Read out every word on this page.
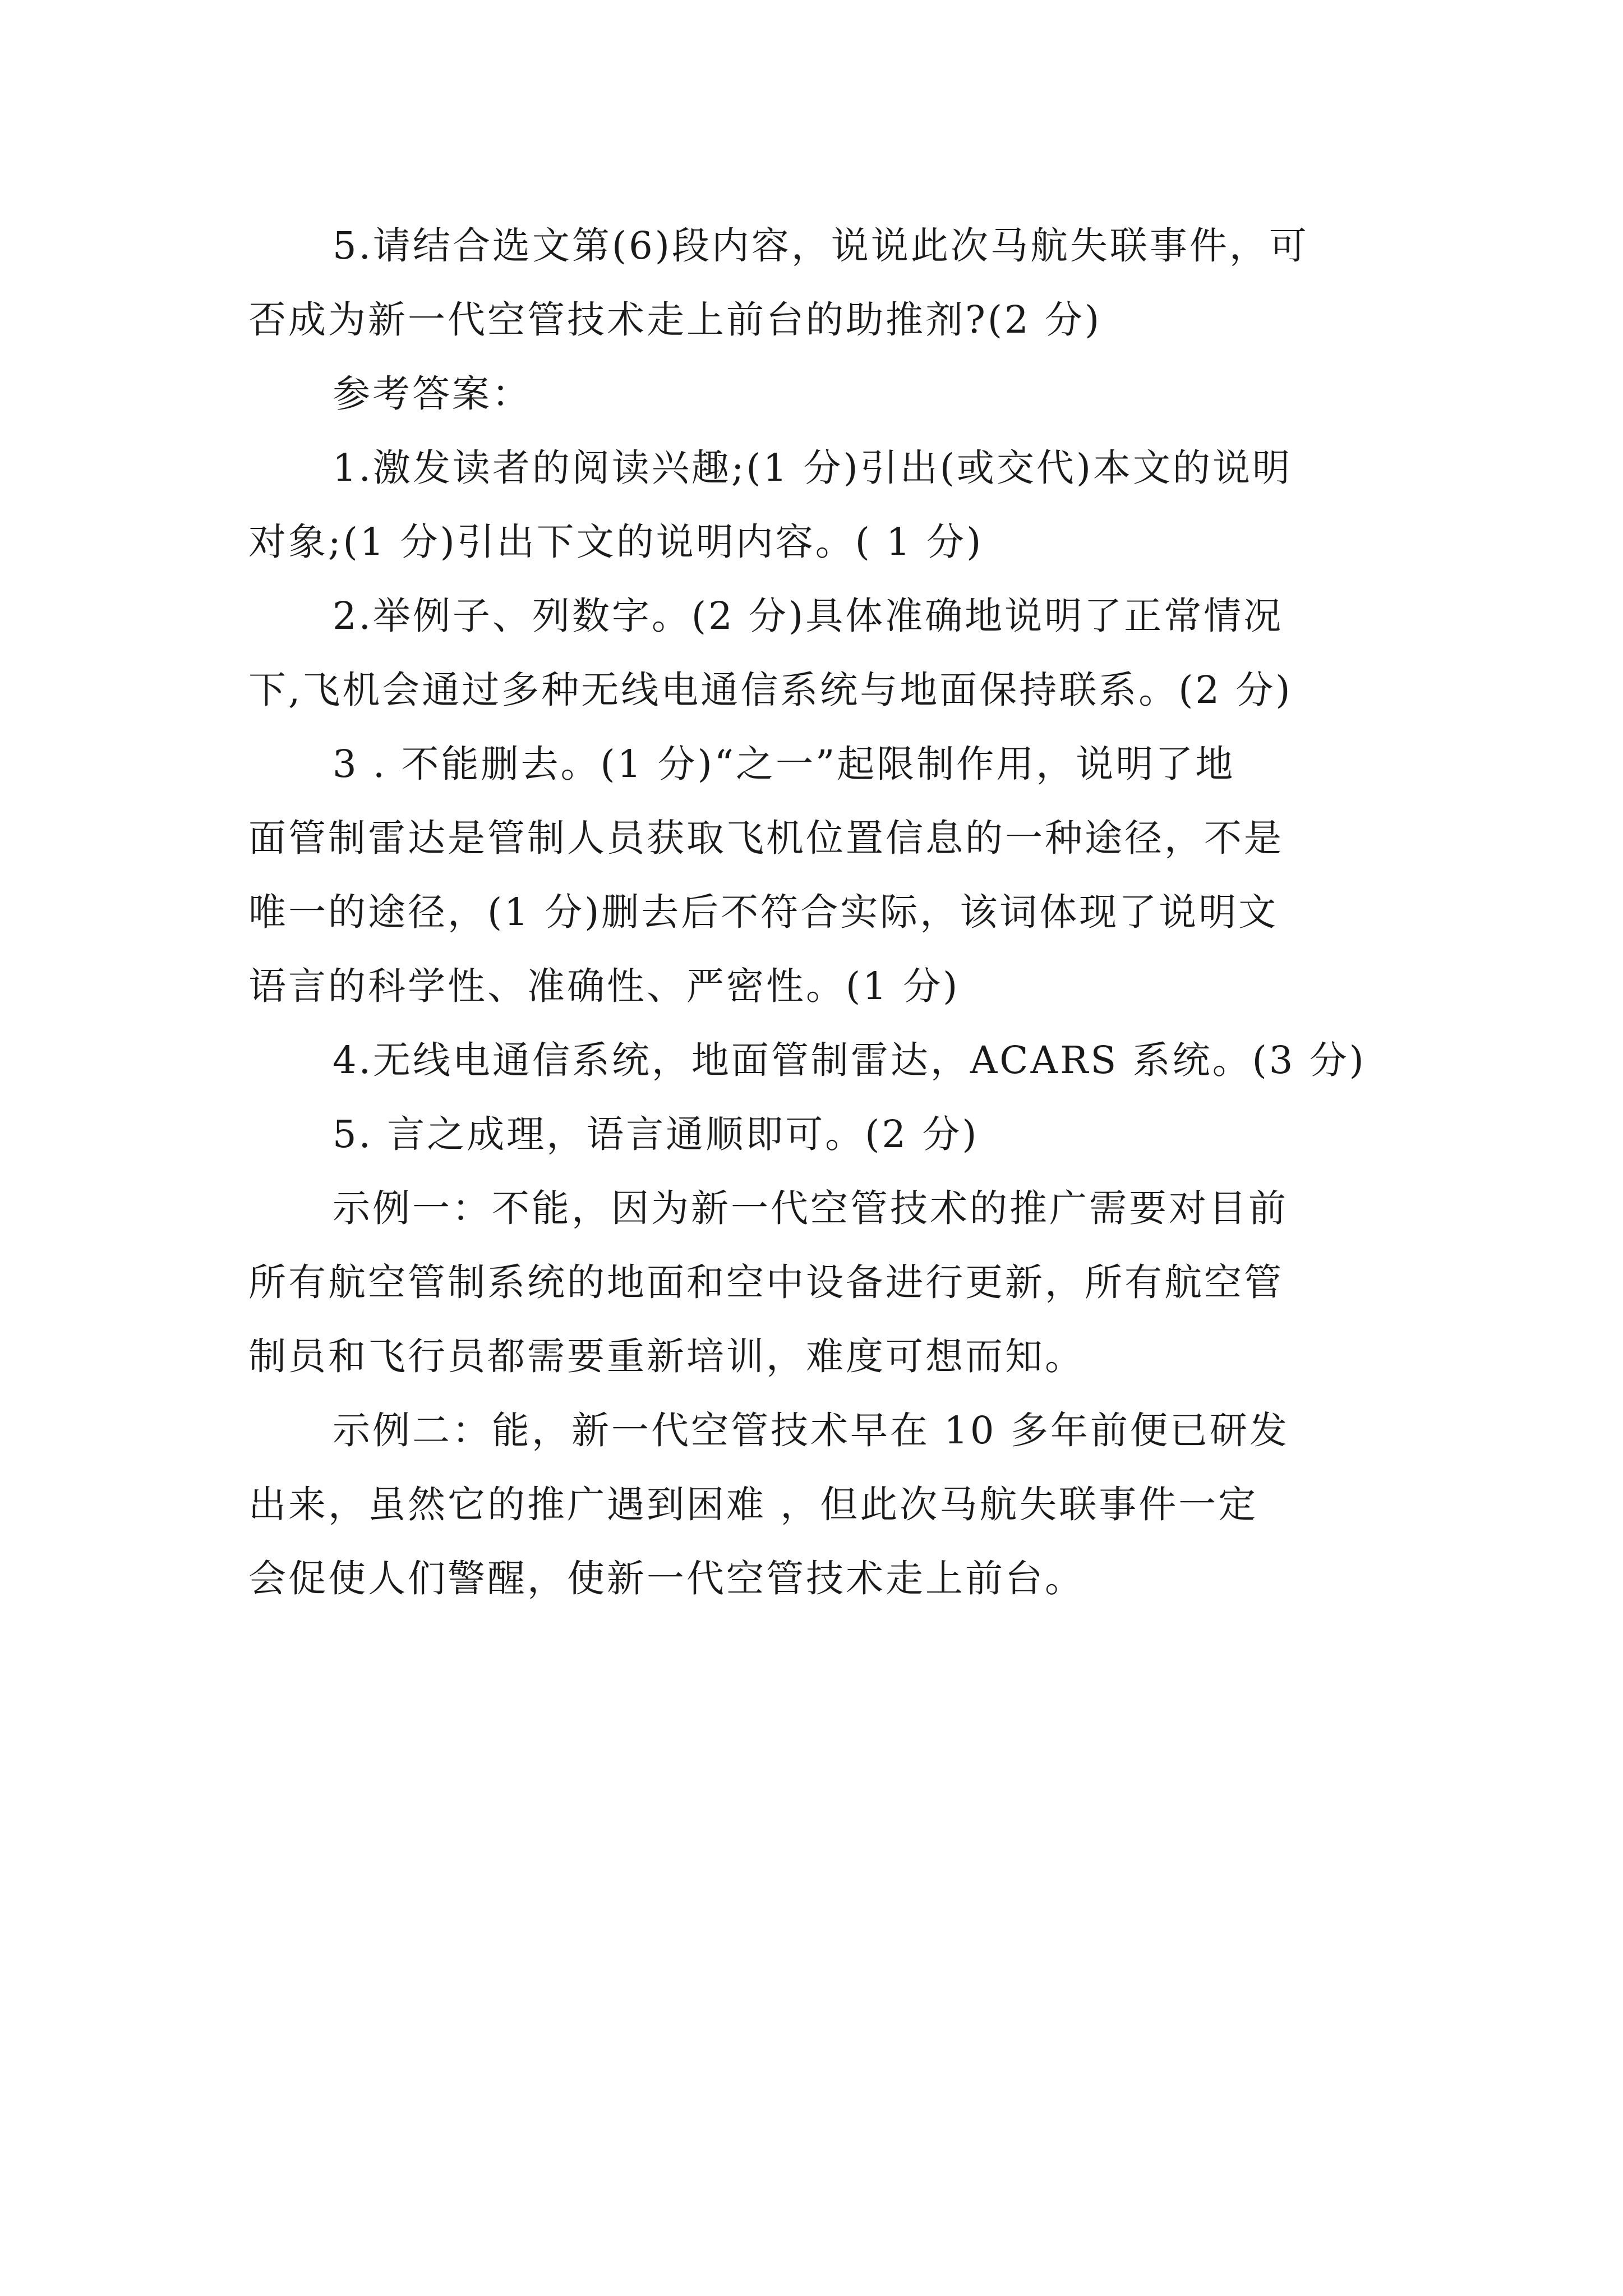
5.请结合选文第(6)段内容，说说此次马航失联事件，可
否成为新一代空管技术走上前台的助推剂?(2 分)
参考答案：
1.激发读者的阅读兴趣;(1 分)引出(或交代)本文的说明
对象;(1 分)引出下文的说明内容。( 1 分)
2.举例子、列数字。(2 分)具体准确地说明了正常情况
下,飞机会通过多种无线电通信系统与地面保持联系。(2 分)
3 . 不能删去。(1 分)“之一”起限制作用，说明了地
面管制雷达是管制人员获取飞机位置信息的一种途径，不是
唯一的途径，(1 分)删去后不符合实际，该词体现了说明文
语言的科学性、准确性、严密性。(1 分)
4.无线电通信系统，地面管制雷达，ACARS 系统。(3 分)
5. 言之成理，语言通顺即可。(2 分)
示例一：不能，因为新一代空管技术的推广需要对目前
所有航空管制系统的地面和空中设备进行更新，所有航空管
制员和飞行员都需要重新培训，难度可想而知。
示例二：能，新一代空管技术早在 10 多年前便已研发
出来，虽然它的推广遇到困难 ，但此次马航失联事件一定
会促使人们警醒，使新一代空管技术走上前台。
